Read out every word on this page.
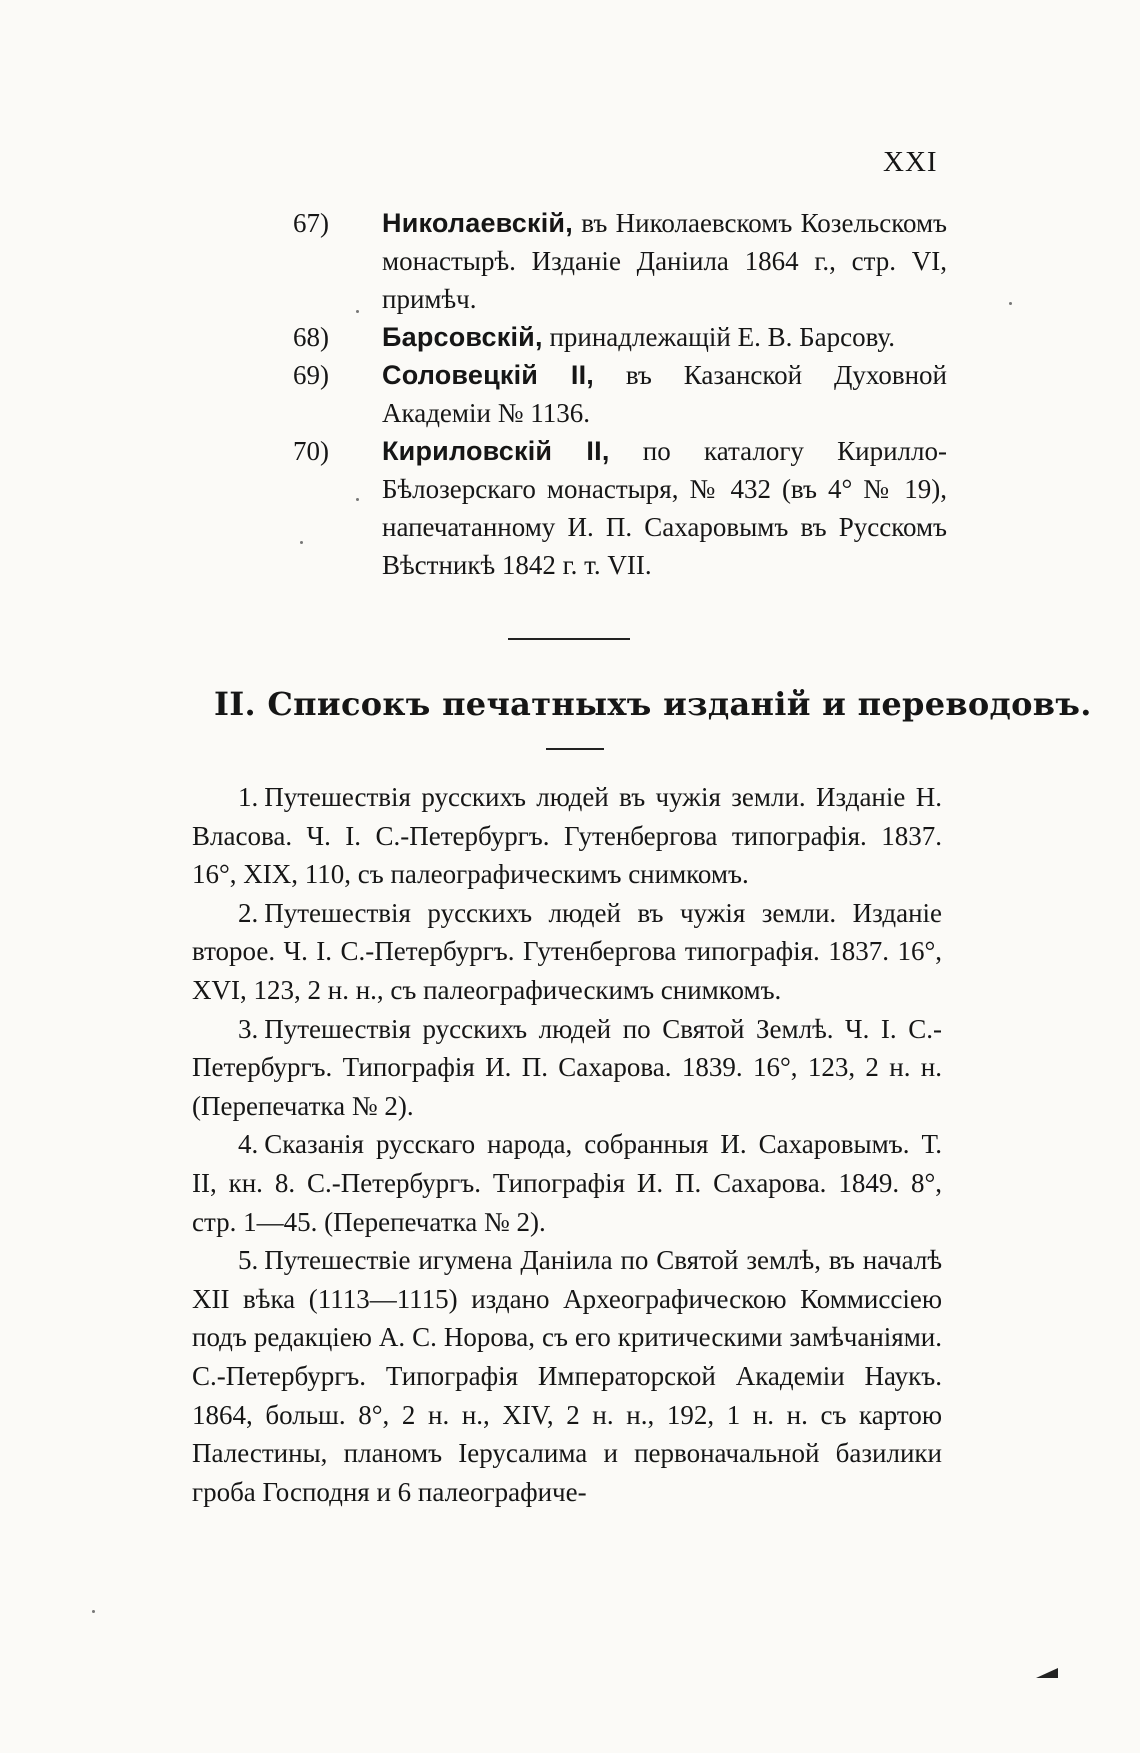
XXI
67) Николаевскій, въ Николаевскомъ Козельскомъ монастырѣ. Изданіе Даніила 1864 г., стр. VI, примѣч.
68) Барсовскій, принадлежащій Е. В. Барсову.
69) Соловецкій II, въ Казанской Духовной Академіи № 1136.
70) Кириловскій II, по каталогу Кирилло-Бѣлозерскаго монастыря, № 432 (въ 4° № 19), напечатанному И. П. Сахаровымъ въ Русскомъ Вѣстникѣ 1842 г. т. VII.
II. Списокъ печатныхъ изданій и переводовъ.
1. Путешествія русскихъ людей въ чужія земли. Изданіе Н. Власова. Ч. I. С.-Петербургъ. Гутенбергова типографія. 1837. 16°, XIX, 110, съ палеографическимъ снимкомъ.
2. Путешествія русскихъ людей въ чужія земли. Изданіе второе. Ч. I. С.-Петербургъ. Гутенбергова типографія. 1837. 16°, XVI, 123, 2 н. н., съ палеографическимъ снимкомъ.
3. Путешествія русскихъ людей по Святой Землѣ. Ч. I. С.-Петербургъ. Типографія И. П. Сахарова. 1839. 16°, 123, 2 н. н. (Перепечатка № 2).
4. Сказанія русскаго народа, собранныя И. Сахаровымъ. Т. II, кн. 8. С.-Петербургъ. Типографія И. П. Сахарова. 1849. 8°, стр. 1—45. (Перепечатка № 2).
5. Путешествіе игумена Даніила по Святой землѣ, въ началѣ XII вѣка (1113—1115) издано Археографическою Коммиссіею подъ редакціею А. С. Норова, съ его критическими замѣчаніями. С.-Петербургъ. Типографія Императорской Академіи Наукъ. 1864, больш. 8°, 2 н. н., XIV, 2 н. н., 192, 1 н. н. съ картою Палестины, планомъ Іерусалима и первоначальной базилики гроба Господня и 6 палеографиче-
